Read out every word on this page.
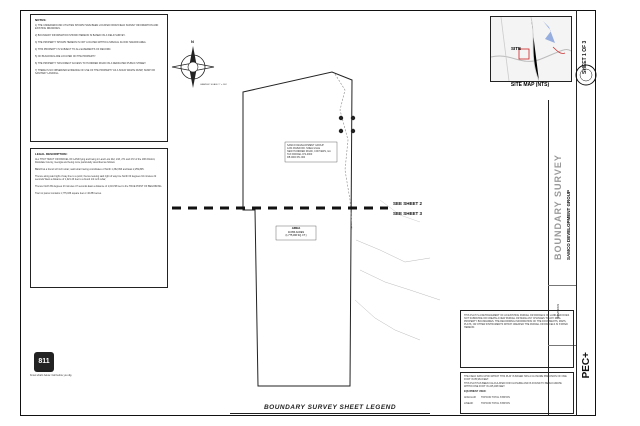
NOTES:
1) THE UNDERGROUND UTILITIES SHOWN HAVE BEEN LOCATED FROM FIELD SURVEY INFORMATION AND EXISTING DRAWINGS.
2) BOUNDARY INFORMATION SHOWN HEREON IS BASED ON A FIELD SURVEY.
3) THE PROPERTY SHOWN HEREON IS NOT LOCATED WITHIN A SPECIAL FLOOD HAZARD AREA.
4) THIS PROPERTY IS SUBJECT TO ALL EASEMENTS OF RECORD.
5) NO BUILDINGS ARE LOCATED ON THE PROPERTY.
6) THE PROPERTY HAS DIRECT ACCESS TO HUNDRED ROAD ON A DEDICATED PUBLIC STREET.
7) THERE IS NO OBSERVED EVIDENCE OF USE OF THE PROPERTY AS A SOLID WASTE DUMP, SUMP OR SANITARY LANDFILL.
LEGAL DESCRIPTION:
ALL THAT TRACT OR PARCEL OF LAND lying and being in Land Lots 242, 243, 271 and 272 of the 18th District, Rockdale County, Georgia and being more particularly described as follows:
BEGIN at a found 1/2 inch rebar; said rebar having coordinates of North 1,362,093 and East 2,259,805.
Thence along said right of way line to a point; thence leaving said right of way line North 00 degrees 34 minutes 22 seconds West a distance of 1,021.43 feet to a found 1/2 inch rebar;
Thence North 89 degrees 23 minutes 47 seconds East a distance of 1,016.58 feet to the TRUE POINT OF BEGINNING.
Tract or parcel contains 1,775,036 square feet or 40.853 acres.
N
GRAPHIC SCALE 1" = 100'
SAMCO DEVELOPMENT GROUP
1234 PAVED RD. SNELLVILLE
NEW HUNDRED ROAD, CONYERS, GA
TAX PARCEL 072-0000
DB 0000 PG 000
AREA
40.853 ACRES
(1,775,036 SQ. FT.)
SEE SHEET 2
SEE SHEET 3
SITE
SITE MAP (NTS)
SHEET 1 OF 3
BOUNDARY SURVEY SAMCO DEVELOPMENT GROUP
REVISIONS
PEC+
THIS PLAT IS A RETRACEMENT OF AN EXISTING PARCEL OR PARCELS OF LAND AND DOES NOT SUBDIVIDE OR CREATE A NEW PARCEL OR MAKE ANY CHANGES TO ANY REAL PROPERTY BOUNDARIES. THE RECORDING INFORMATION OF THE DOCUMENTS, MAPS, PLATS, OR OTHER INSTRUMENTS WHICH CREATED THE PARCEL OR PARCELS IS STATED HEREON.
THE FIELD DATA UPON WHICH THIS PLAT IS BASED HAS A CLOSURE PRECISION OF ONE FOOT IN 85,964 FEET.
THIS PLAT HAS BEEN CALCULATED FOR CLOSURE AND IS FOUND TO BE ACCURATE WITHIN ONE FOOT IN 245,188 FEET.
EQUIPMENT USED:
ANGULAR: TOPCON TOTAL STATION
LINEAR:	TOPCON TOTAL STATION
811
Know what's below. Call before you dig.
BOUNDARY SURVEY SHEET LEGEND
